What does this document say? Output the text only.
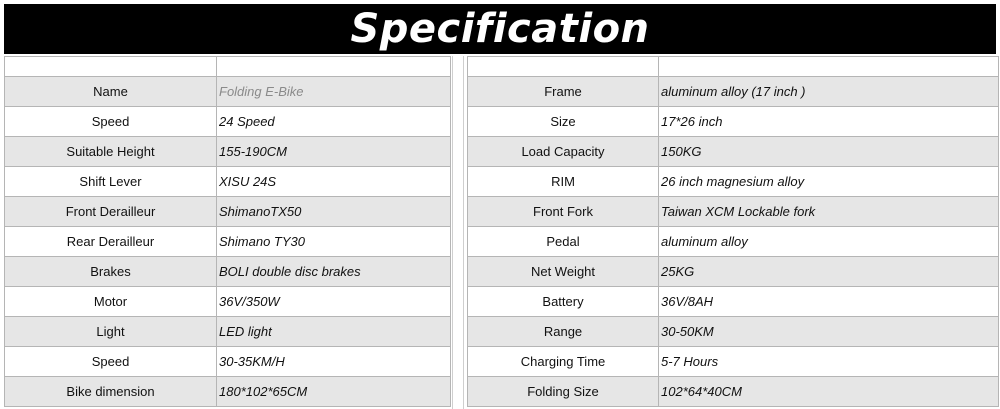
Specification

Name	Folding E-Bike
Speed	24 Speed
Suitable Height	155-190CM
Shift Lever	XISU 24S
Front Derailleur	ShimanoTX50
Rear Derailleur	Shimano TY30
Brakes	BOLI double disc brakes
Motor	36V/350W
Light	LED light
Speed	30-35KM/H
Bike dimension	180*102*65CM

Frame	aluminum alloy (17 inch )
Size	17*26 inch
Load Capacity	150KG
RIM	26 inch magnesium alloy
Front Fork	Taiwan XCM Lockable fork
Pedal	aluminum alloy
Net Weight	25KG
Battery	36V/8AH
Range	30-50KM
Charging Time	5-7 Hours
Folding Size	102*64*40CM
